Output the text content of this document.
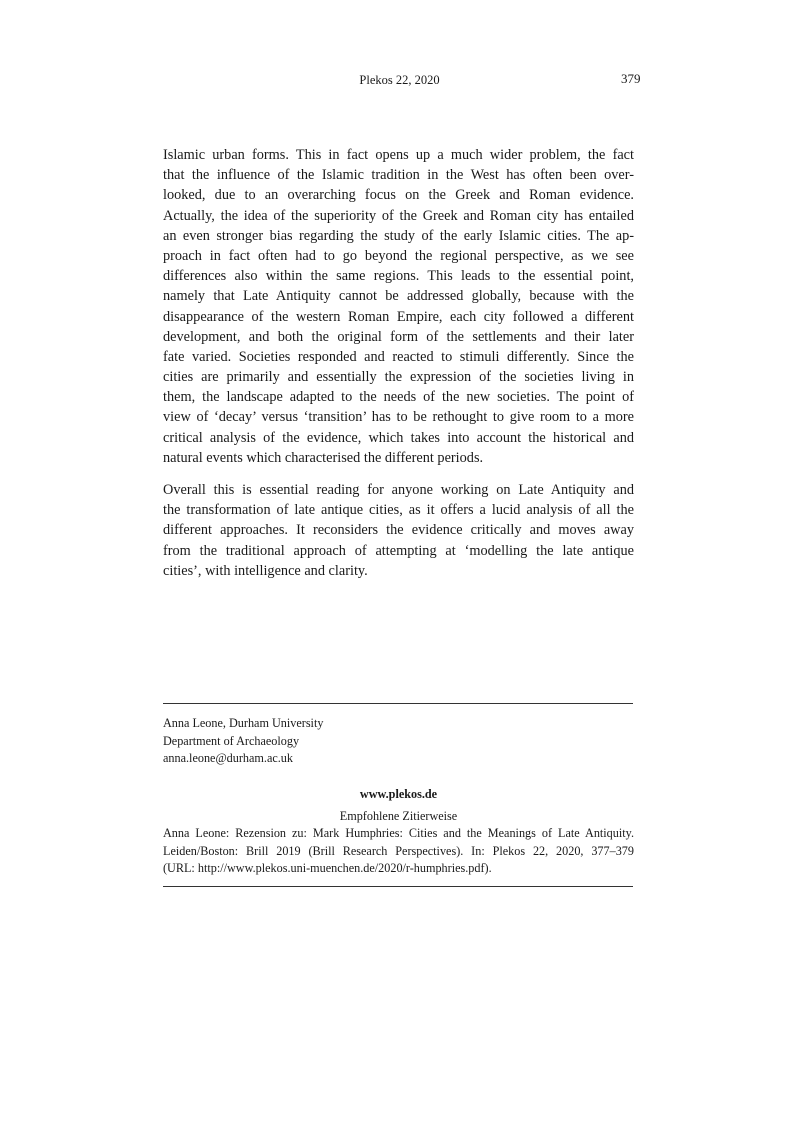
Plekos 22, 2020	379
Islamic urban forms. This in fact opens up a much wider problem, the fact
that the influence of the Islamic tradition in the West has often been over-
looked, due to an overarching focus on the Greek and Roman evidence.
Actually, the idea of the superiority of the Greek and Roman city has entailed
an even stronger bias regarding the study of the early Islamic cities. The ap-
proach in fact often had to go beyond the regional perspective, as we see
differences also within the same regions. This leads to the essential point,
namely that Late Antiquity cannot be addressed globally, because with the
disappearance of the western Roman Empire, each city followed a different
development, and both the original form of the settlements and their later
fate varied. Societies responded and reacted to stimuli differently. Since the
cities are primarily and essentially the expression of the societies living in
them, the landscape adapted to the needs of the new societies. The point of
view of ‘decay’ versus ‘transition’ has to be rethought to give room to a more
critical analysis of the evidence, which takes into account the historical and
natural events which characterised the different periods.
Overall this is essential reading for anyone working on Late Antiquity and
the transformation of late antique cities, as it offers a lucid analysis of all the
different approaches. It reconsiders the evidence critically and moves away
from the traditional approach of attempting at ‘modelling the late antique
cities’, with intelligence and clarity.
Anna Leone, Durham University
Department of Archaeology
anna.leone@durham.ac.uk
www.plekos.de
Empfohlene Zitierweise
Anna Leone: Rezension zu: Mark Humphries: Cities and the Meanings of Late Antiquity.
Leiden/Boston: Brill 2019 (Brill Research Perspectives). In: Plekos 22, 2020, 377–379
(URL: http://www.plekos.uni-muenchen.de/2020/r-humphries.pdf).
